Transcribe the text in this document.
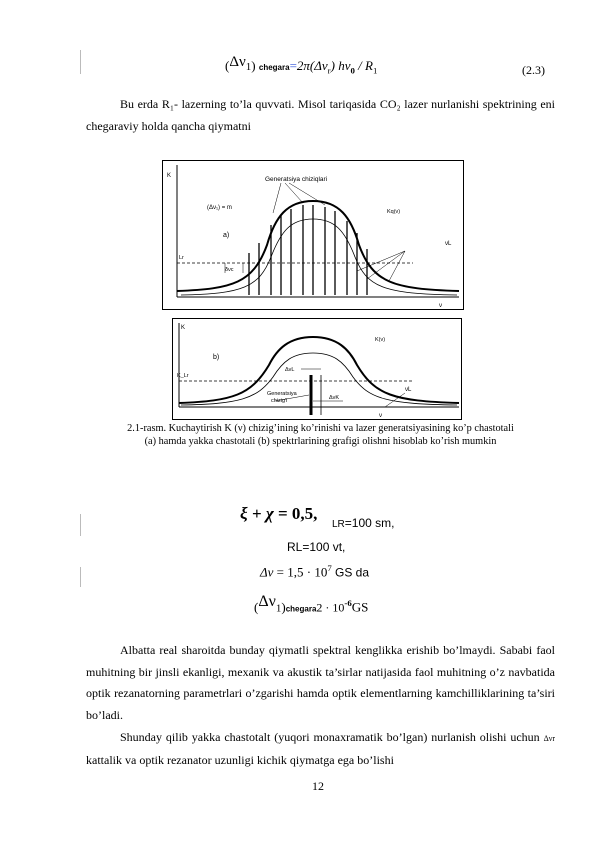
(Δν1) $chegara=2\pi(\Delta\nu_r)$ $h\nu_0 / R_1$	(2.3)
Bu erda R₁- lazerning to’la quvvati. Misol tariqasida CO₂ lazer nurlanishi spektrining eni chegaraviy holda qancha qiymatni
K	Generatsiya chiziqlari
(Δν₁) = m
a)
Lr
δνc
Kq(ν)
νL
ν
K
b)
K(ν)
K_Lr
ΔνL
Generatsiya
chizig'i	ΔνK
νL
ν
2.1-rasm. Kuchaytirish K (ν) chizig’ining ko’rinishi va lazer generatsiyasining ko’p chastotali
(a) hamda yakka chastotali (b) spektrlarining grafigi olishni hisoblab ko’rish mumkin
ξ + χ = 0,5,
LR=100 sm,
RL=100 vt,
$\Delta\nu = 1,5 \cdot 10^7$ GS da
(Δν1)chegara2 · $10^{-6}GS$
Albatta real sharoitda bunday qiymatli spektral kenglikka erishib bo’lmaydi. Sababi faol muhitning bir jinsli ekanligi, mexanik va akustik ta’sirlar natijasida faol muhitning o’z navbatida optik rezanatorning parametrlari o’zgarishi hamda optik elementlarning kamchilliklarining ta’siri bo’ladi.
Shunday qilib yakka chastotalt (yuqori monaxramatik bo’lgan) nurlanish olishi uchun Δνr kattalik va optik rezanator uzunligi kichik qiymatga ega bo’lishi
12
